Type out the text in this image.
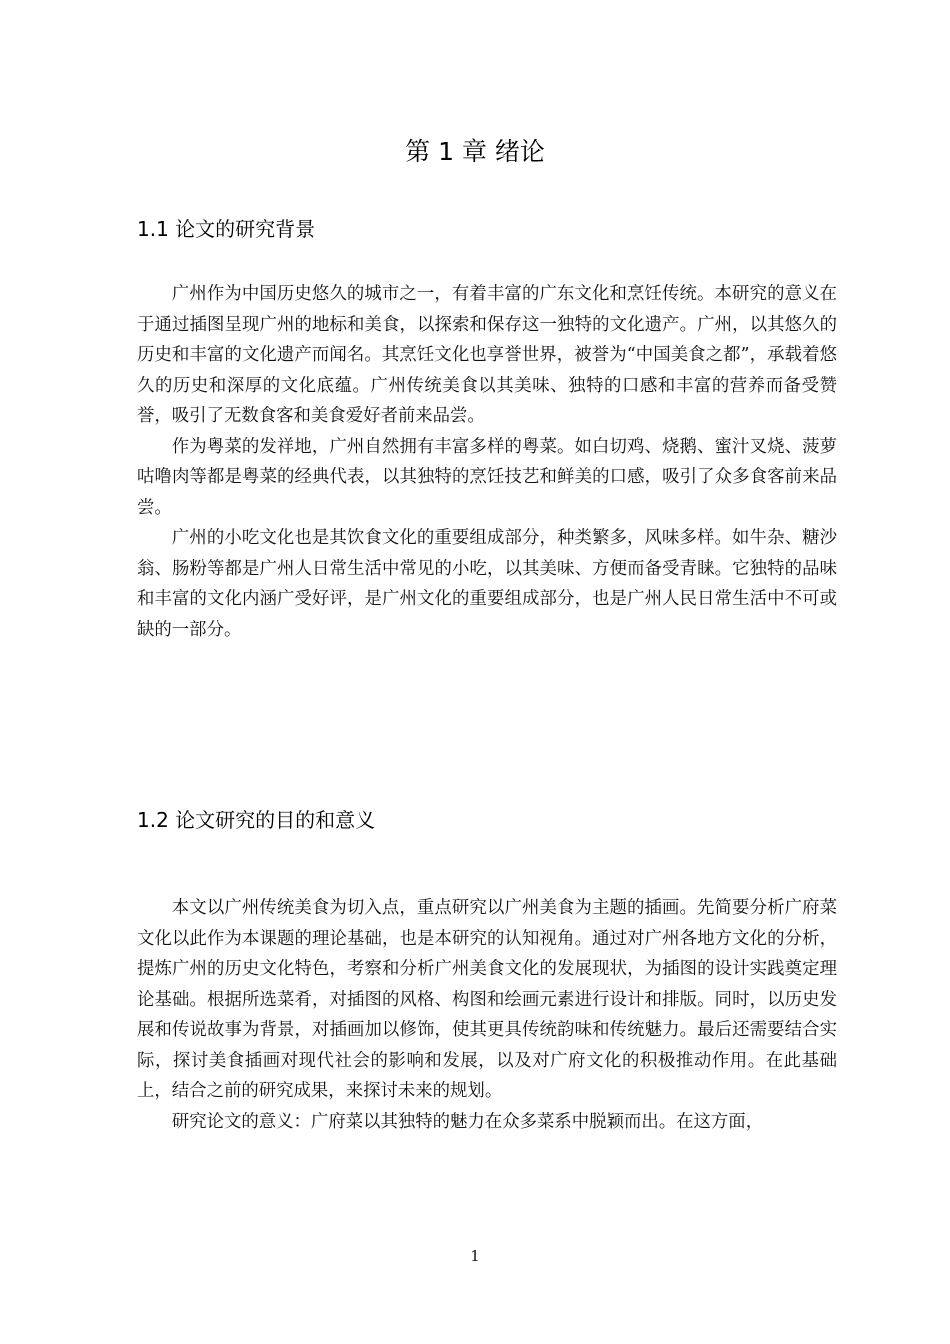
第 1 章 绪论
1.1 论文的研究背景

广州作为中国历史悠久的城市之一，有着丰富的广东文化和烹饪传统。本研究的意义在于通过插图呈现广州的地标和美食，以探索和保存这一独特的文化遗产。广州，以其悠久的历史和丰富的文化遗产而闻名。其烹饪文化也享誉世界，被誉为“中国美食之都”，承载着悠久的历史和深厚的文化底蕴。广州传统美食以其美味、独特的口感和丰富的营养而备受赞誉，吸引了无数食客和美食爱好者前来品尝。

作为粤菜的发祥地，广州自然拥有丰富多样的粤菜。如白切鸡、烧鹅、蜜汁叉烧、菠萝咕噜肉等都是粤菜的经典代表，以其独特的烹饪技艺和鲜美的口感，吸引了众多食客前来品尝。

广州的小吃文化也是其饮食文化的重要组成部分，种类繁多，风味多样。如牛杂、糖沙翁、肠粉等都是广州人日常生活中常见的小吃，以其美味、方便而备受青睐。它独特的品味和丰富的文化内涵广受好评，是广州文化的重要组成部分，也是广州人民日常生活中不可或缺的一部分。

1.2 论文研究的目的和意义

本文以广州传统美食为切入点，重点研究以广州美食为主题的插画。先简要分析广府菜文化以此作为本课题的理论基础，也是本研究的认知视角。通过对广州各地方文化的分析，提炼广州的历史文化特色，考察和分析广州美食文化的发展现状，为插图的设计实践奠定理论基础。根据所选菜肴，对插图的风格、构图和绘画元素进行设计和排版。同时，以历史发展和传说故事为背景，对插画加以修饰，使其更具传统韵味和传统魅力。最后还需要结合实际，探讨美食插画对现代社会的影响和发展，以及对广府文化的积极推动作用。在此基础上，结合之前的研究成果，来探讨未来的规划。

研究论文的意义：广府菜以其独特的魅力在众多菜系中脱颖而出。在这方面，

1
